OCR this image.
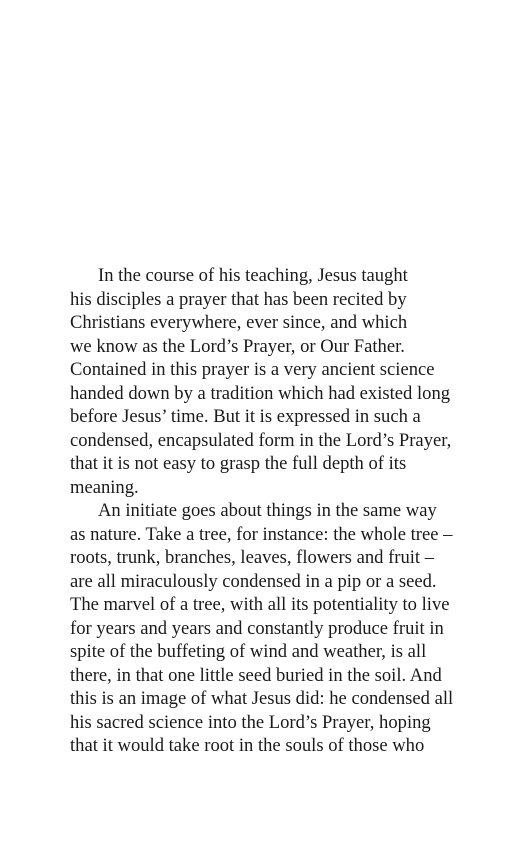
In the course of his teaching, Jesus taught
his disciples a prayer that has been recited by
Christians everywhere, ever since, and which
we know as the Lord’s Prayer, or Our Father.
Contained in this prayer is a very ancient science
handed down by a tradition which had existed long
before Jesus’ time. But it is expressed in such a
condensed, encapsulated form in the Lord’s Prayer,
that it is not easy to grasp the full depth of its
meaning.
An initiate goes about things in the same way
as nature. Take a tree, for instance: the whole tree –
roots, trunk, branches, leaves, flowers and fruit –
are all miraculously condensed in a pip or a seed.
The marvel of a tree, with all its potentiality to live
for years and years and constantly produce fruit in
spite of the buffeting of wind and weather, is all
there, in that one little seed buried in the soil. And
this is an image of what Jesus did: he condensed all
his sacred science into the Lord’s Prayer, hoping
that it would take root in the souls of those who
